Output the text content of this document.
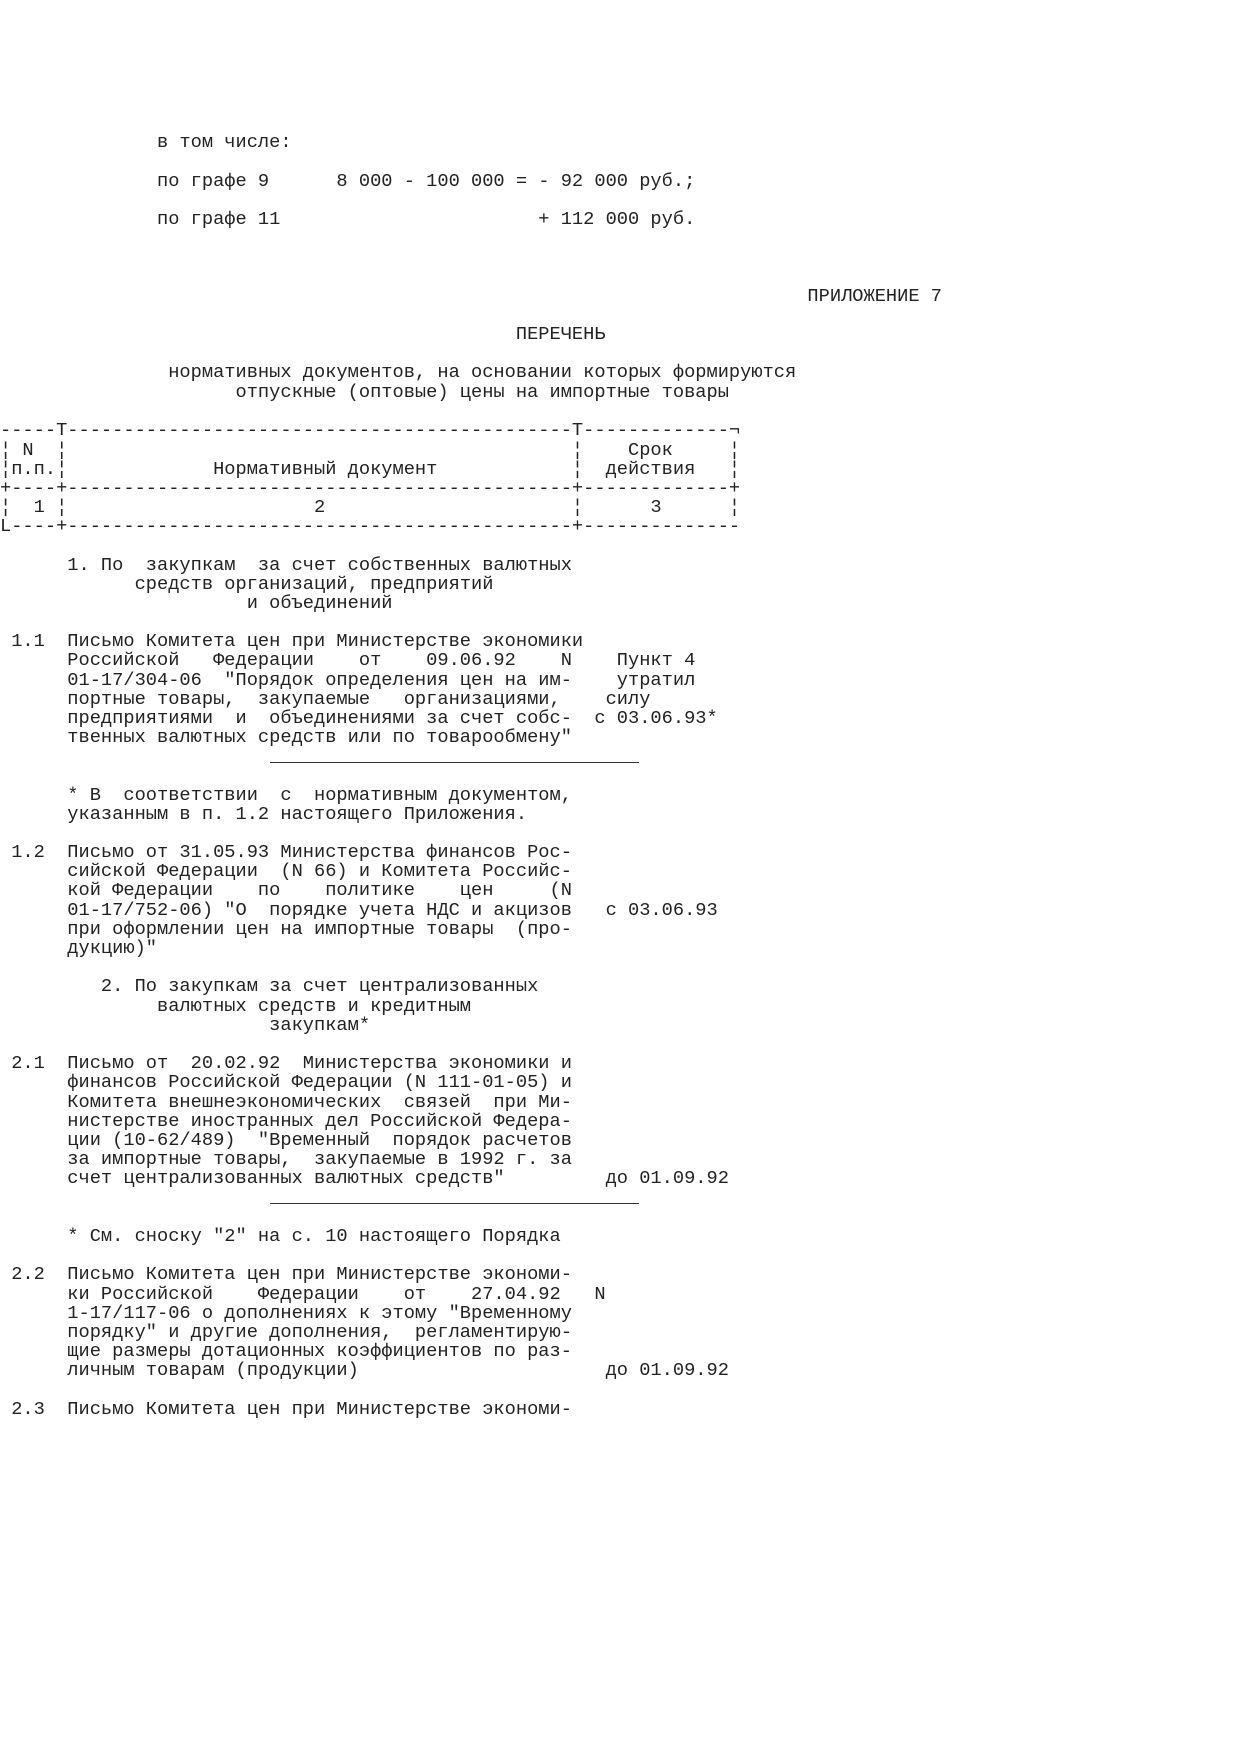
в том числе:

по графе 9      8 000 - 100 000 = - 92 000 руб.;

по графе 11                       + 112 000 руб.

ПРИЛОЖЕНИЕ 7

ПЕРЕЧЕНЬ

нормативных документов, на основании которых формируются

отпускные (оптовые) цены на импортные товары

-----T---------------------------------------------T-------------¬

¦ N  ¦                                             ¦    Срок     ¦

¦п.п.¦             Нормативный документ            ¦  действия   ¦

+----+---------------------------------------------+-------------+

¦  1 ¦                      2                      ¦      3      ¦

L----+---------------------------------------------+--------------

1. По  закупкам  за счет собственных валютных

средств организаций, предприятий

и объединений

1.1  Письмо Комитета цен при Министерстве экономики

Российской   Федерации    от    09.06.92    N    Пункт 4

01-17/304-06  "Порядок определения цен на им-    утратил

портные товары,  закупаемые   организациями,    силу

предприятиями  и  объединениями за счет собс-  с 03.06.93*

твенных валютных средств или по товарообмену"

* В  соответствии  с  нормативным документом,

указанным в п. 1.2 настоящего Приложения.

1.2  Письмо от 31.05.93 Министерства финансов Рос-

сийской Федерации  (N 66) и Комитета Российс-

кой Федерации    по    политике    цен     (N

01-17/752-06) "О  порядке учета НДС и акцизов   с 03.06.93

при оформлении цен на импортные товары  (про-

дукцию)"

2. По закупкам за счет централизованных

валютных средств и кредитным

закупкам*

2.1  Письмо от  20.02.92  Министерства экономики и

финансов Российской Федерации (N 111-01-05) и

Комитета внешнеэкономических  связей  при Ми-

нистерстве иностранных дел Российской Федера-

ции (10-62/489)  "Временный  порядок расчетов

за импортные товары,  закупаемые в 1992 г. за

счет централизованных валютных средств"         до 01.09.92

* См. сноску "2" на с. 10 настоящего Порядка

2.2  Письмо Комитета цен при Министерстве экономи-

ки Российской    Федерации    от    27.04.92   N

1-17/117-06 о дополнениях к этому "Временному

порядку" и другие дополнения,  регламентирую-

щие размеры дотационных коэффициентов по раз-

личным товарам (продукции)                      до 01.09.92

2.3  Письмо Комитета цен при Министерстве экономи-
